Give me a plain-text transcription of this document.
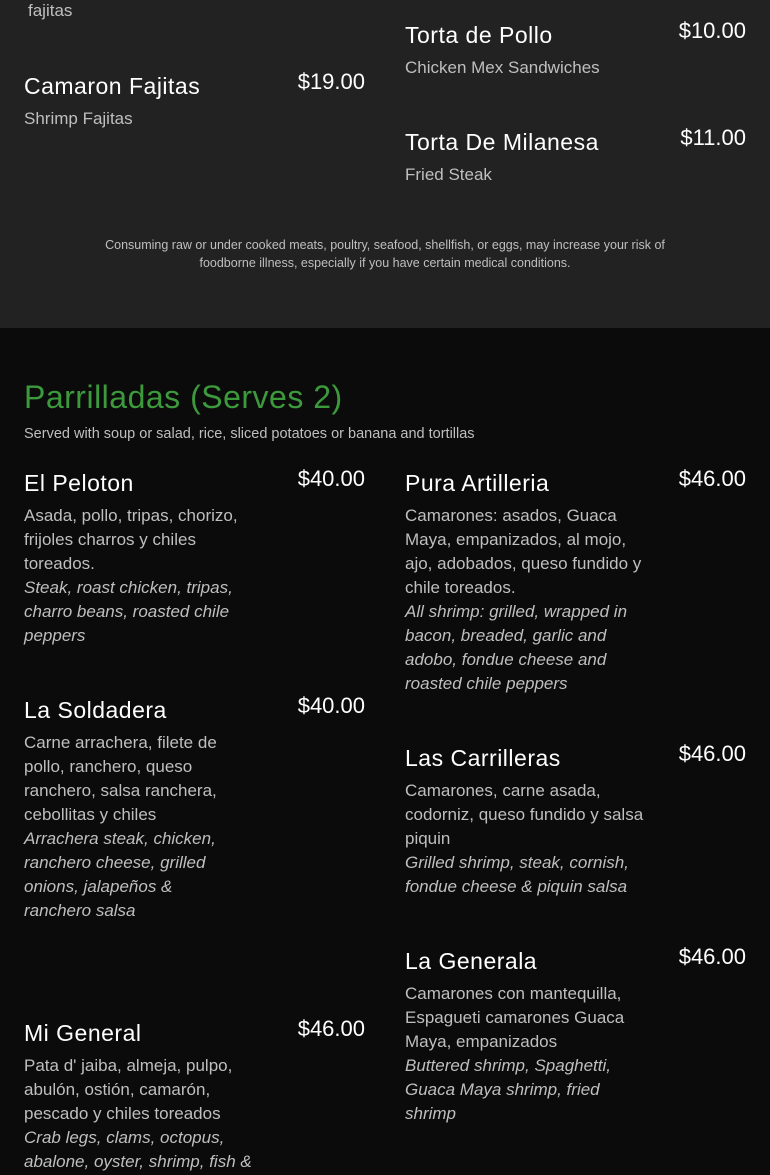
fajitas
Torta de Pollo	$10.00
Chicken Mex Sandwiches
Camaron Fajitas	$19.00
Shrimp Fajitas
Torta De Milanesa	$11.00
Fried Steak
Consuming raw or under cooked meats, poultry, seafood, shellfish, or eggs, may increase your risk of foodborne illness, especially if you have certain medical conditions.
Parrilladas (Serves 2)
Served with soup or salad, rice, sliced potatoes or banana and tortillas
El Peloton	$40.00
Asada, pollo, tripas, chorizo, frijoles charros y chiles toreados.
Steak, roast chicken, tripas, charro beans, roasted chile peppers
Pura Artilleria	$46.00
Camarones: asados, Guaca Maya, empanizados, al mojo, ajo, adobados, queso fundido y chile toreados.
All shrimp: grilled, wrapped in bacon, breaded, garlic and adobo, fondue cheese and roasted chile peppers
La Soldadera	$40.00
Carne arrachera, filete de pollo, ranchero, queso ranchero, salsa ranchera, cebollitas y chiles
Arrachera steak, chicken, ranchero cheese, grilled onions, jalapeños & ranchero salsa
Las Carrilleras	$46.00
Camarones, carne asada, codorniz, queso fundido y salsa piquin
Grilled shrimp, steak, cornish, fondue cheese & piquin salsa
La Generala	$46.00
Camarones con mantequilla, Espagueti camarones Guaca Maya, empanizados
Buttered shrimp, Spaghetti, Guaca Maya shrimp, fried shrimp
Mi General	$46.00
Pata d' jaiba, almeja, pulpo, abulón, ostión, camarón, pescado y chiles toreados
Crab legs, clams, octopus, abalone, oyster, shrimp, fish &
